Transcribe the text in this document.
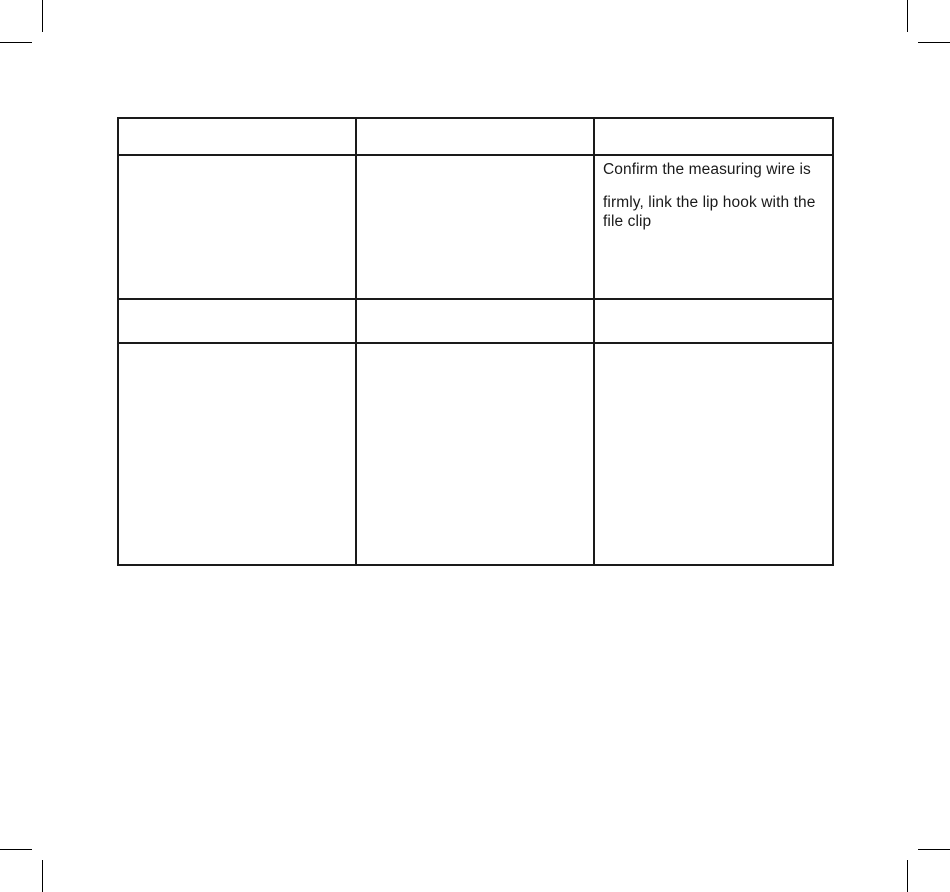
		Confirm the measuring wire is
firmly, link the lip hook with the file clip
